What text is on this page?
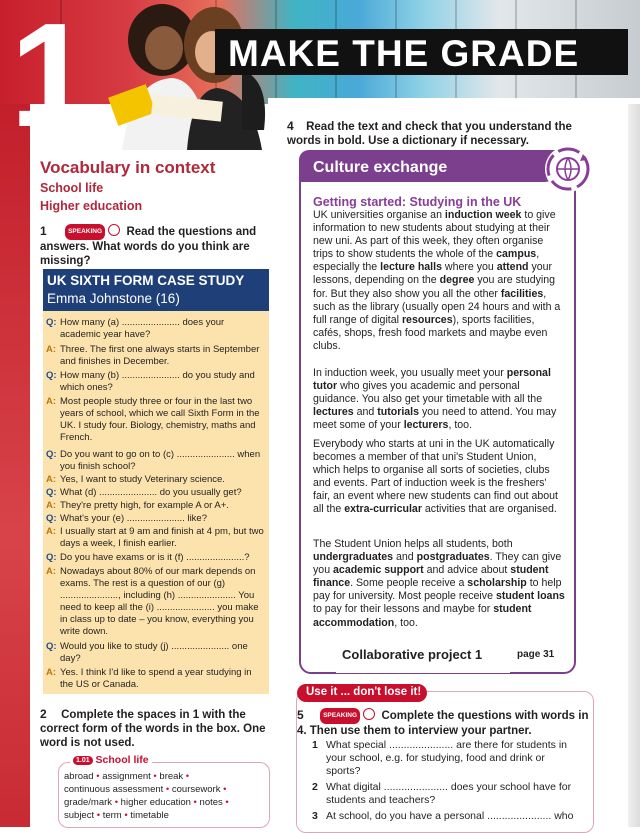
1	MAKE THE GRADE
Vocabulary in context
School life
Higher education
1	SPEAKING Read the questions and answers. What words do you think are missing?
UK SIXTH FORM CASE STUDY
Emma Johnstone (16)
Q: How many (a) ...................... does your academic year have?
A: Three. The first one always starts in September and finishes in December.
Q: How many (b) ...................... do you study and which ones?
A: Most people study three or four in the last two years of school, which we call Sixth Form in the UK. I study four. Biology, chemistry, maths and French.
Q: Do you want to go on to (c) ...................... when you finish school?
A: Yes, I want to study Veterinary science.
Q: What (d) ...................... do you usually get?
A: They're pretty high, for example A or A+.
Q: What's your (e) ...................... like?
A: I usually start at 9 am and finish at 4 pm, but two days a week, I finish earlier.
Q: Do you have exams or is it (f) ......................?
A: Nowadays about 80% of our mark depends on exams. The rest is a question of our (g) ......................, including (h) ...................... You need to keep all the (i) ...................... you make in class up to date – you know, everything you write down.
Q: Would you like to study (j) ...................... one day?
A: Yes. I think I'd like to spend a year studying in the US or Canada.
2 Complete the spaces in 1 with the correct form of the words in the box. One word is not used.
1.01 School life
abroad • assignment • break •
continuous assessment • coursework •
grade/mark • higher education • notes •
subject • term • timetable
4 Read the text and check that you understand the words in bold. Use a dictionary if necessary.
Culture exchange
Getting started: Studying in the UK
UK universities organise an induction week to give information to new students about studying at their new uni. As part of this week, they often organise trips to show students the whole of the campus, especially the lecture halls where you attend your lessons, depending on the degree you are studying for. But they also show you all the other facilities, such as the library (usually open 24 hours and with a full range of digital resources), sports facilities, cafés, shops, fresh food markets and maybe even clubs.
In induction week, you usually meet your personal tutor who gives you academic and personal guidance. You also get your timetable with all the lectures and tutorials you need to attend. You may meet some of your lecturers, too.
Everybody who starts at uni in the UK automatically becomes a member of that uni's Student Union, which helps to organise all sorts of societies, clubs and events. Part of induction week is the freshers' fair, an event where new students can find out about all the extra-curricular activities that are organised.
The Student Union helps all students, both undergraduates and postgraduates. They can give you academic support and advice about student finance. Some people receive a scholarship to help pay for university. Most people receive student loans to pay for their lessons and maybe for student accommodation, too.
Collaborative project 1	page 31
Use it ... don't lose it!
5	SPEAKING Complete the questions with words in 4. Then use them to interview your partner.
1 What special ...................... are there for students in your school, e.g. for studying, food and drink or sports?
2 What digital ...................... does your school have for students and teachers?
3 At school, do you have a personal ...................... who
